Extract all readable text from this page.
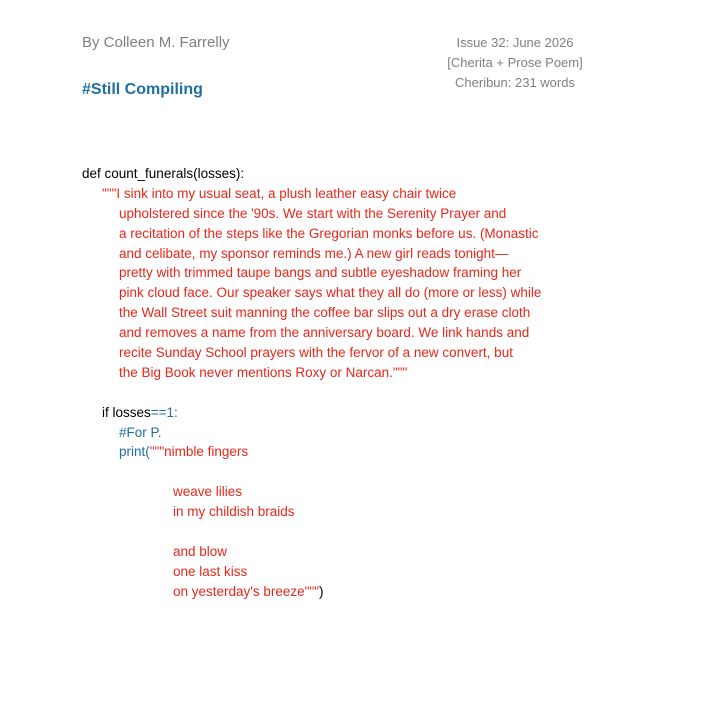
By Colleen M. Farrelly
#Still Compiling
Issue 32: June 2026
[Cherita + Prose Poem]
Cheribun: 231 words
def count_funerals(losses):
"""I sink into my usual seat, a plush leather easy chair twice
upholstered since the '90s. We start with the Serenity Prayer and
a recitation of the steps like the Gregorian monks before us. (Monastic
and celibate, my sponsor reminds me.) A new girl reads tonight—
pretty with trimmed taupe bangs and subtle eyeshadow framing her
pink cloud face. Our speaker says what they all do (more or less) while
the Wall Street suit manning the coffee bar slips out a dry erase cloth
and removes a name from the anniversary board. We link hands and
recite Sunday School prayers with the fervor of a new convert, but
the Big Book never mentions Roxy or Narcan."""
if losses==1:
#For P.
print("""nimble fingers
weave lilies
in my childish braids
and blow
one last kiss
on yesterday's breeze""")
